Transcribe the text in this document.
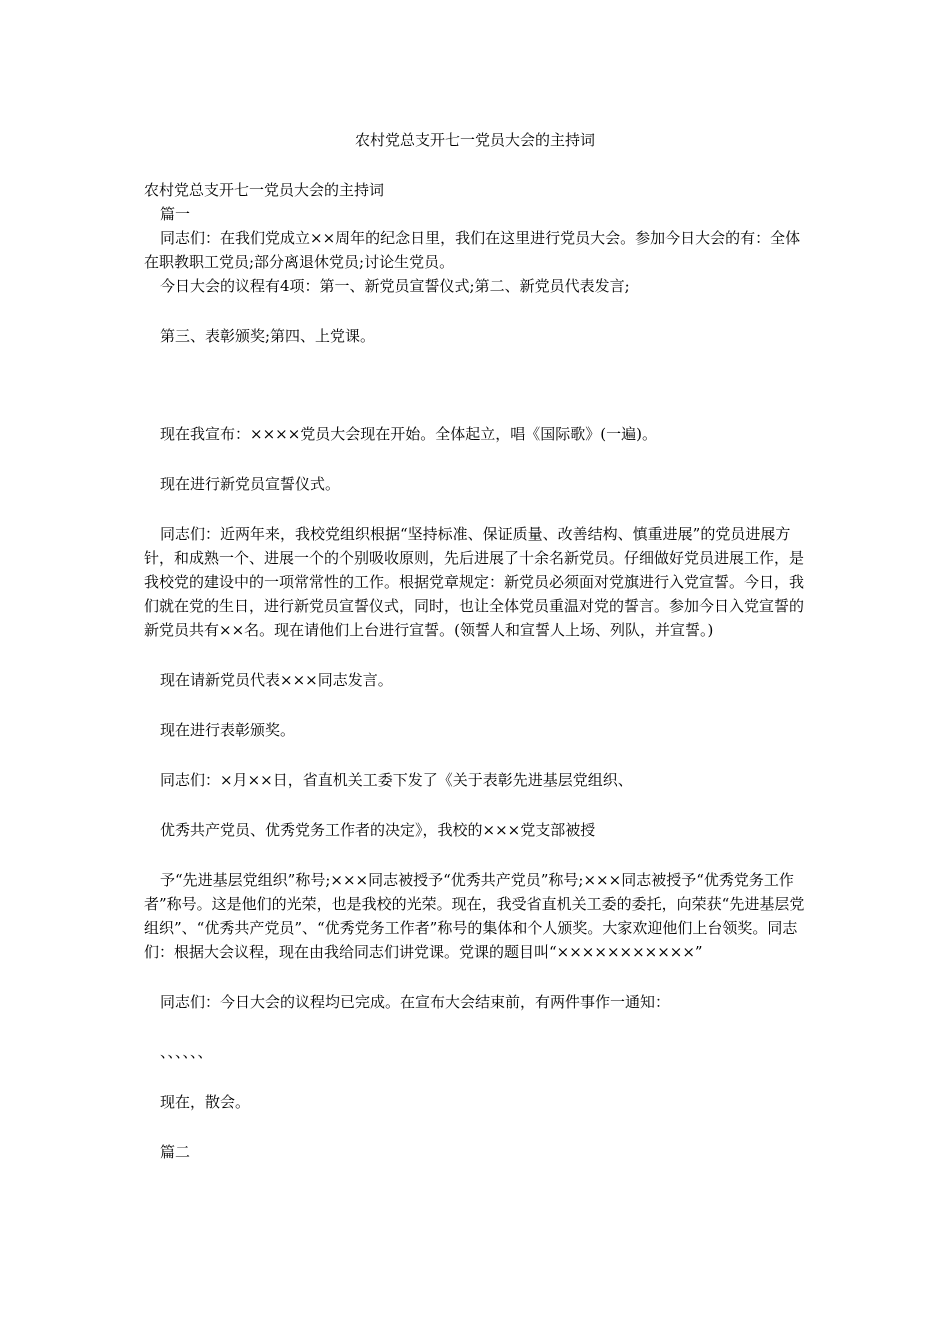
农村党总支开七一党员大会的主持词

农村党总支开七一党员大会的主持词

篇一

同志们：在我们党成立××周年的纪念日里，我们在这里进行党员大会。参加今日大会的有：全体在职教职工党员;部分离退休党员;讨论生党员。

今日大会的议程有4项：第一、新党员宣誓仪式;第二、新党员代表发言;

第三、表彰颁奖;第四、上党课。

现在我宣布：××××党员大会现在开始。全体起立，唱《国际歌》(一遍)。

现在进行新党员宣誓仪式。

同志们：近两年来，我校党组织根据“坚持标准、保证质量、改善结构、慎重进展”的党员进展方针，和成熟一个、进展一个的个别吸收原则，先后进展了十余名新党员。仔细做好党员进展工作，是我校党的建设中的一项常常性的工作。根据党章规定：新党员必须面对党旗进行入党宣誓。今日，我们就在党的生日，进行新党员宣誓仪式，同时，也让全体党员重温对党的誓言。参加今日入党宣誓的新党员共有××名。现在请他们上台进行宣誓。(领誓人和宣誓人上场、列队，并宣誓。)

现在请新党员代表×××同志发言。

现在进行表彰颁奖。

同志们：×月××日，省直机关工委下发了《关于表彰先进基层党组织、

优秀共产党员、优秀党务工作者的决定》，我校的×××党支部被授

予“先进基层党组织”称号;×××同志被授予“优秀共产党员”称号;×××同志被授予“优秀党务工作者”称号。这是他们的光荣，也是我校的光荣。现在，我受省直机关工委的委托，向荣获“先进基层党组织”、“优秀共产党员”、“优秀党务工作者”称号的集体和个人颁奖。大家欢迎他们上台领奖。同志们：根据大会议程，现在由我给同志们讲党课。党课的题目叫“×××××××××××”

同志们：今日大会的议程均已完成。在宣布大会结束前，有两件事作一通知：

、、、、、、

现在，散会。

篇二
